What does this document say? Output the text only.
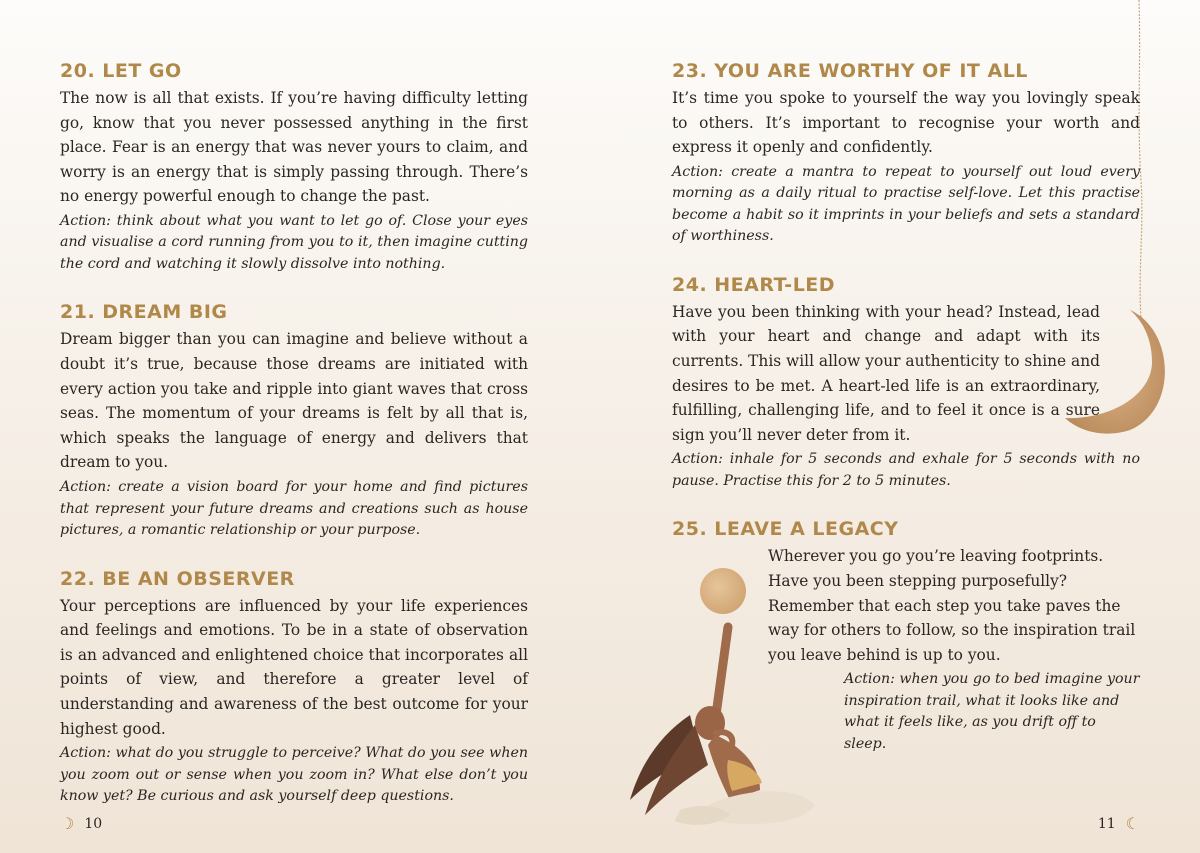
20. LET GO

The now is all that exists. If you’re having difficulty letting go, know that you never possessed anything in the first place. Fear is an energy that was never yours to claim, and worry is an energy that is simply passing through. There’s no energy powerful enough to change the past.

Action: think about what you want to let go of. Close your eyes and visualise a cord running from you to it, then imagine cutting the cord and watching it slowly dissolve into nothing.

21. DREAM BIG

Dream bigger than you can imagine and believe without a doubt it’s true, because those dreams are initiated with every action you take and ripple into giant waves that cross seas. The momentum of your dreams is felt by all that is, which speaks the language of energy and delivers that dream to you.

Action: create a vision board for your home and find pictures that represent your future dreams and creations such as house pictures, a romantic relationship or your purpose.

22. BE AN OBSERVER

Your perceptions are influenced by your life experiences and feelings and emotions. To be in a state of observation is an advanced and enlightened choice that incorporates all points of view, and therefore a greater level of understanding and awareness of the best outcome for your highest good.

Action: what do you struggle to perceive? What do you see when you zoom out or sense when you zoom in? What else don’t you know yet? Be curious and ask yourself deep questions.

23. YOU ARE WORTHY OF IT ALL

It’s time you spoke to yourself the way you lovingly speak to others. It’s important to recognise your worth and express it openly and confidently.

Action: create a mantra to repeat to yourself out loud every morning as a daily ritual to practise self-love. Let this practise become a habit so it imprints in your beliefs and sets a standard of worthiness.

24. HEART-LED

Have you been thinking with your head? Instead, lead with your heart and change and adapt with its currents. This will allow your authenticity to shine and desires to be met. A heart-led life is an extraordinary, fulfilling, challenging life, and to feel it once is a sure sign you’ll never deter from it.

Action: inhale for 5 seconds and exhale for 5 seconds with no pause. Practise this for 2 to 5 minutes.

25. LEAVE A LEGACY

Wherever you go you’re leaving footprints. Have you been stepping purposefully? Remember that each step you take paves the way for others to follow, so the inspiration trail you leave behind is up to you.

Action: when you go to bed imagine your inspiration trail, what it looks like and what it feels like, as you drift off to sleep.

☽ 10	11 ☾
